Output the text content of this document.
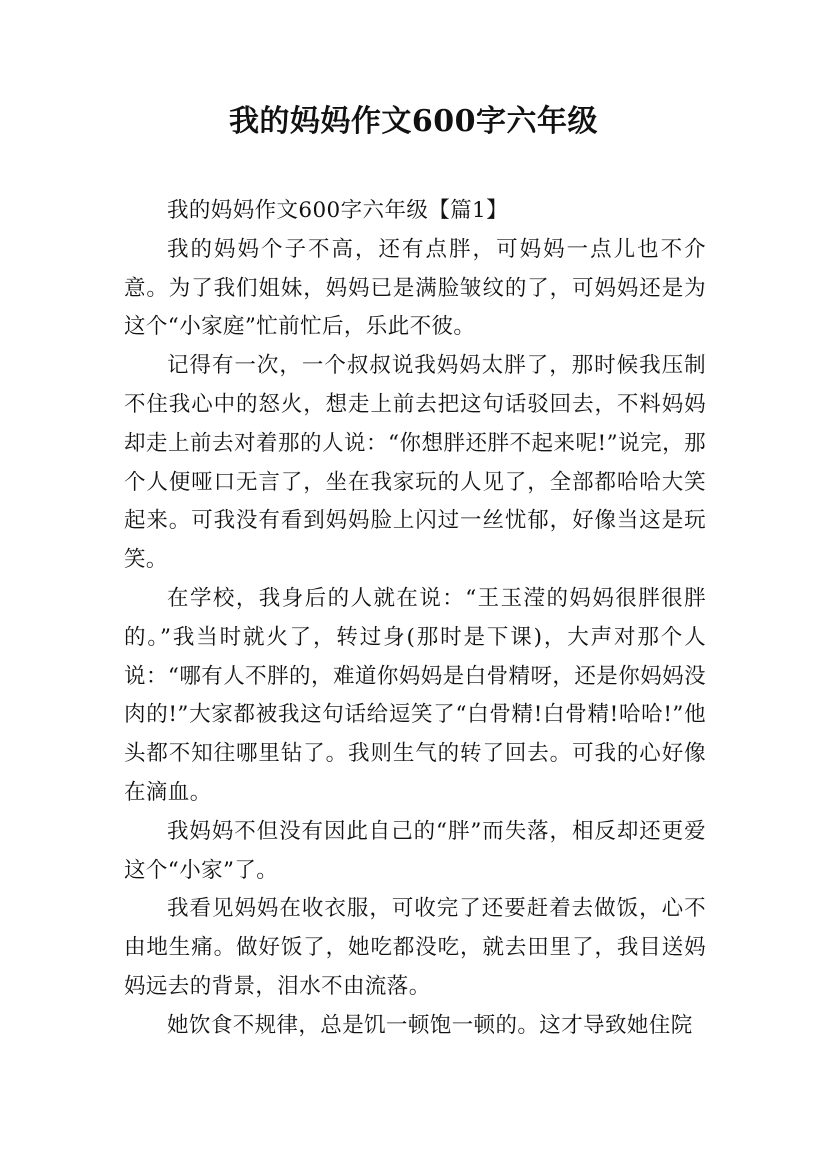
我的妈妈作文600字六年级

我的妈妈作文600字六年级【篇1】

我的妈妈个子不高，还有点胖，可妈妈一点儿也不介意。为了我们姐妹，妈妈已是满脸皱纹的了，可妈妈还是为这个“小家庭”忙前忙后，乐此不彼。

记得有一次，一个叔叔说我妈妈太胖了，那时候我压制不住我心中的怒火，想走上前去把这句话驳回去，不料妈妈却走上前去对着那的人说：“你想胖还胖不起来呢!”说完，那个人便哑口无言了，坐在我家玩的人见了，全部都哈哈大笑起来。可我没有看到妈妈脸上闪过一丝忧郁，好像当这是玩笑。

在学校，我身后的人就在说：“王玉滢的妈妈很胖很胖的。”我当时就火了，转过身(那时是下课)，大声对那个人说：“哪有人不胖的，难道你妈妈是白骨精呀，还是你妈妈没肉的!”大家都被我这句话给逗笑了“白骨精!白骨精!哈哈!”他头都不知往哪里钻了。我则生气的转了回去。可我的心好像在滴血。

我妈妈不但没有因此自己的“胖”而失落，相反却还更爱这个“小家”了。

我看见妈妈在收衣服，可收完了还要赶着去做饭，心不由地生痛。做好饭了，她吃都没吃，就去田里了，我目送妈妈远去的背景，泪水不由流落。

她饮食不规律，总是饥一顿饱一顿的。这才导致她住院
